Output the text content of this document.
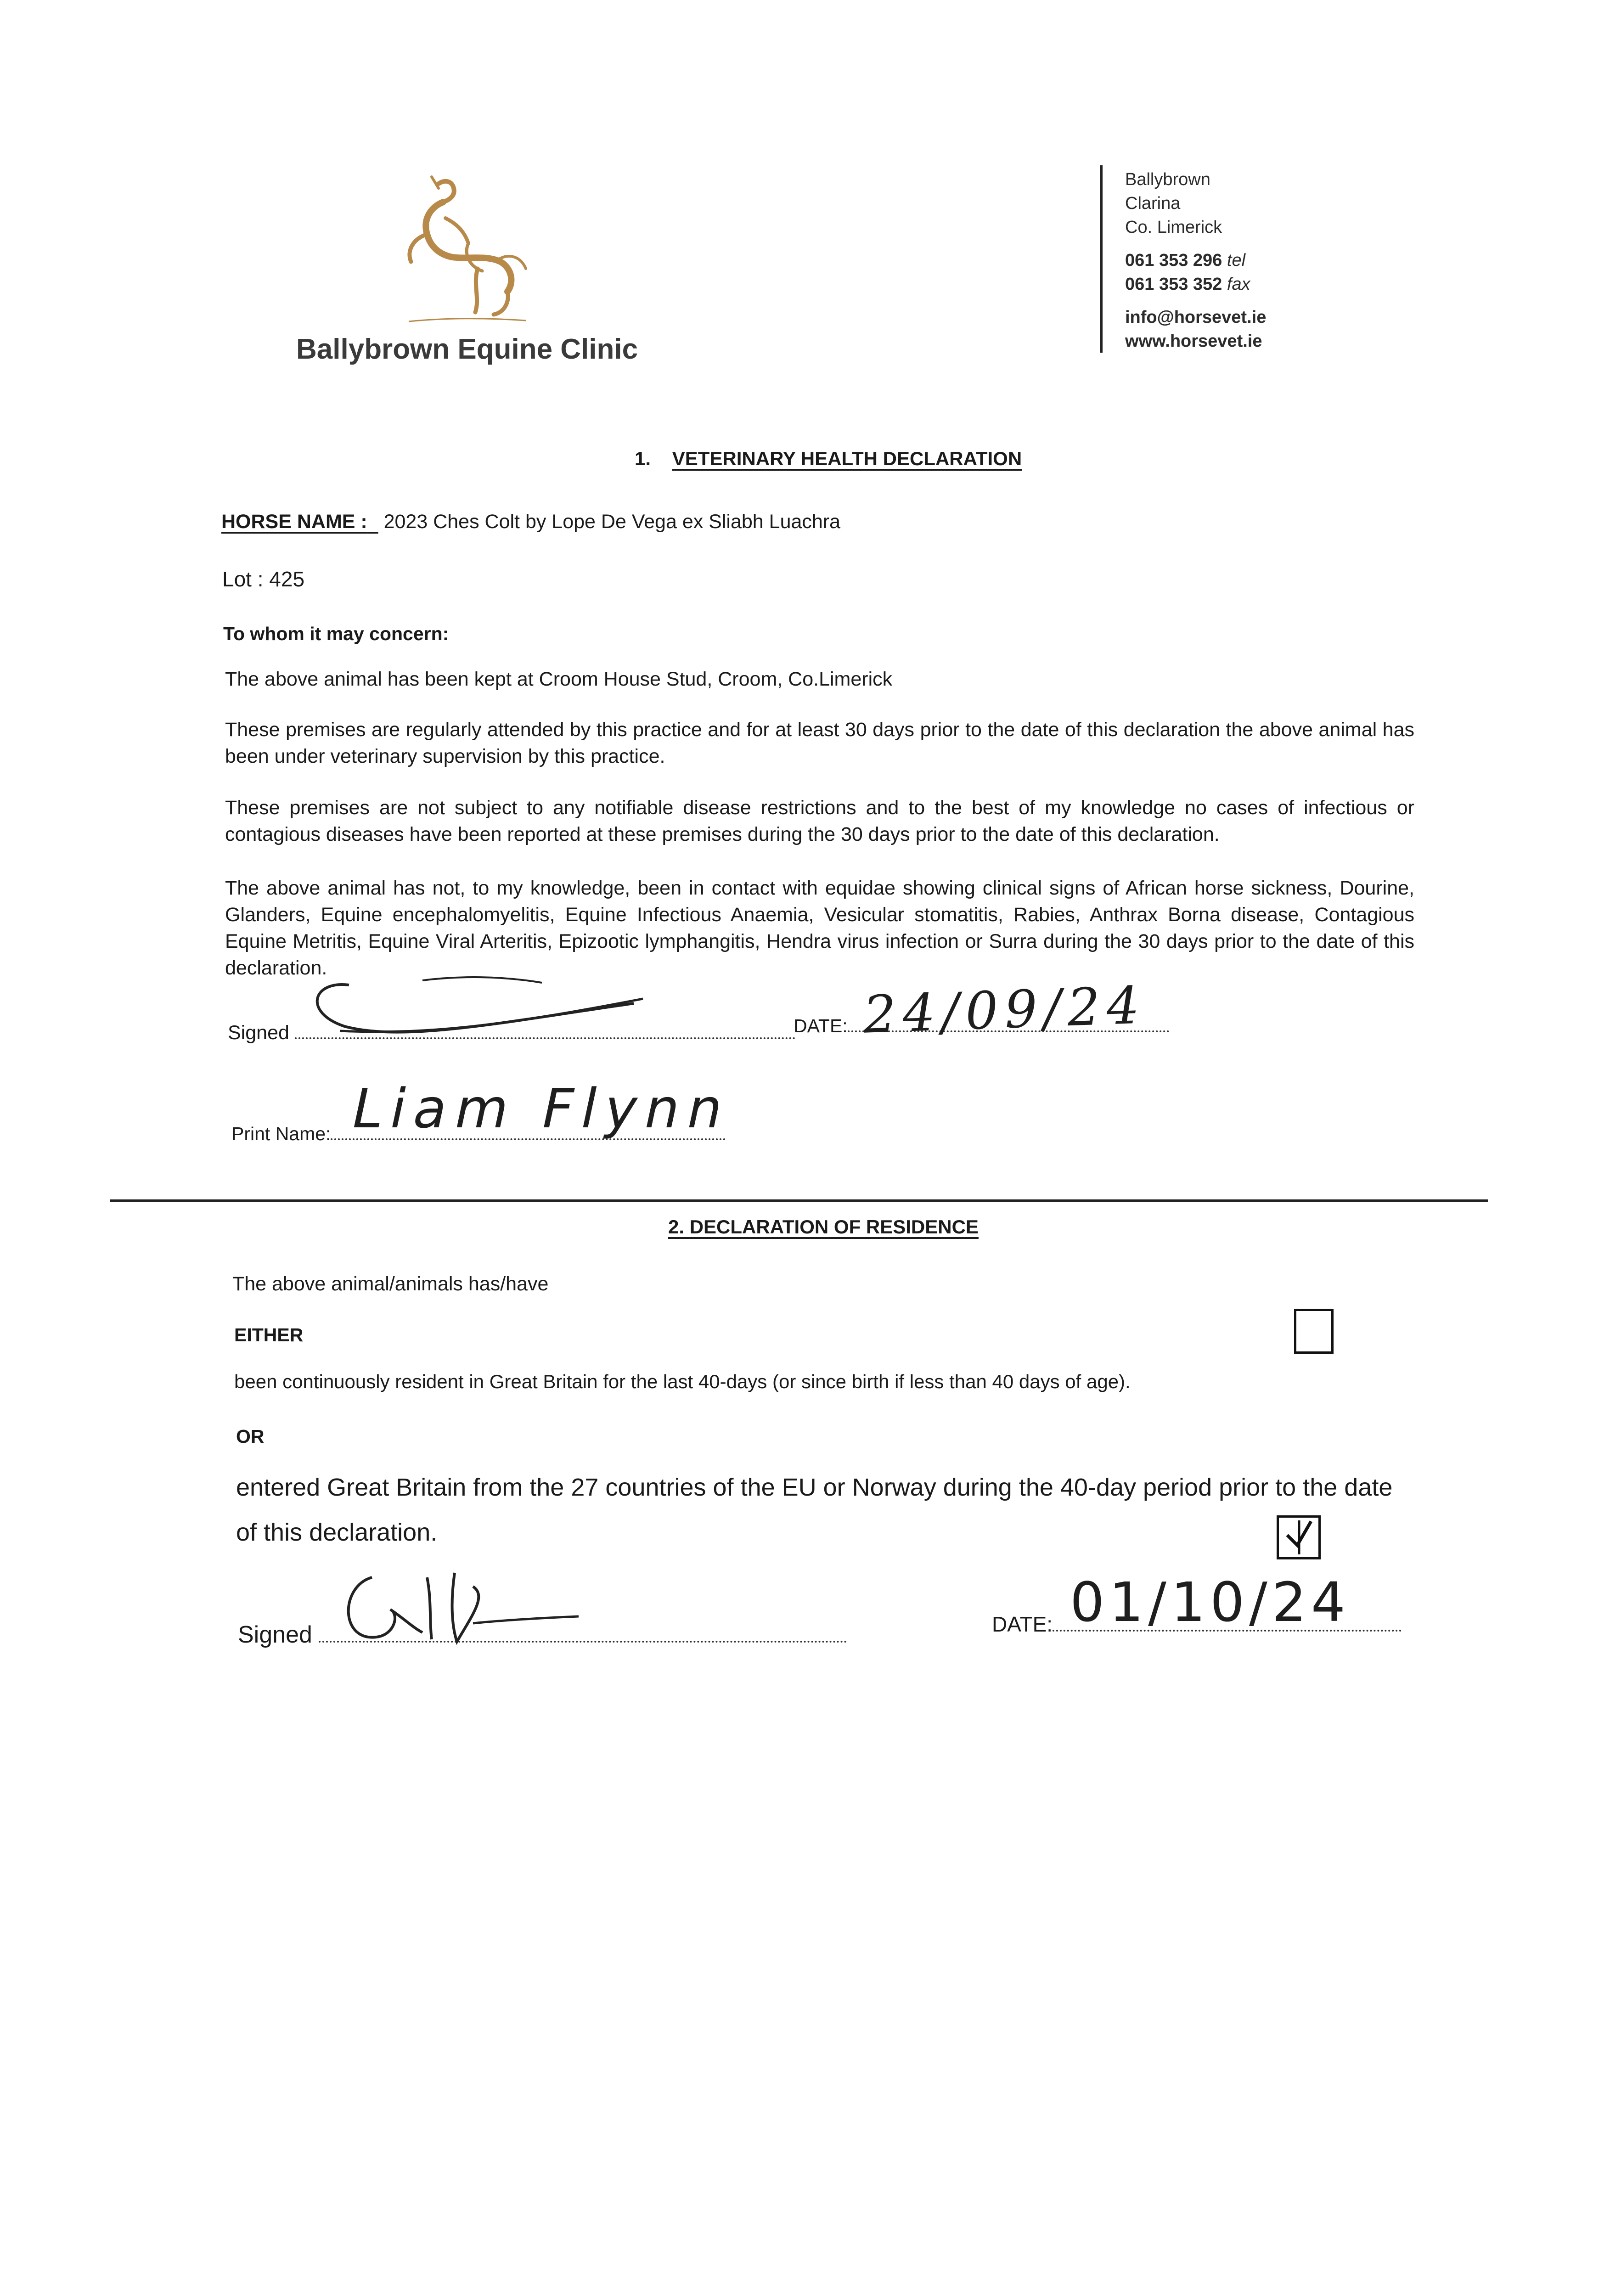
Ballybrown Equine Clinic
Ballybrown
Clarina
Co. Limerick
061 353 296 tel
061 353 352 fax
info@horsevet.ie
www.horsevet.ie
1. VETERINARY HEALTH DECLARATION
HORSE NAME : 2023 Ches Colt by Lope De Vega ex Sliabh Luachra
Lot : 425
To whom it may concern:
The above animal has been kept at Croom House Stud, Croom, Co.Limerick
These premises are regularly attended by this practice and for at least 30 days prior to the date of this declaration the above animal has been under veterinary supervision by this practice.
These premises are not subject to any notifiable disease restrictions and to the best of my knowledge no cases of infectious or contagious diseases have been reported at these premises during the 30 days prior to the date of this declaration.
The above animal has not, to my knowledge, been in contact with equidae showing clinical signs of African horse sickness, Dourine, Glanders, Equine encephalomyelitis, Equine Infectious Anaemia, Vesicular stomatitis, Rabies, Anthrax Borna disease, Contagious Equine Metritis, Equine Viral Arteritis, Epizootic lymphangitis, Hendra virus infection or Surra during the 30 days prior to the date of this declaration.
Signed	DATE: 24/09/24
Print Name: Liam Flynn
2. DECLARATION OF RESIDENCE
The above animal/animals has/have
EITHER
been continuously resident in Great Britain for the last 40-days (or since birth if less than 40 days of age).
OR
entered Great Britain from the 27 countries of the EU or Norway during the 40-day period prior to the date of this declaration.
Signed	DATE: 01/10/24
